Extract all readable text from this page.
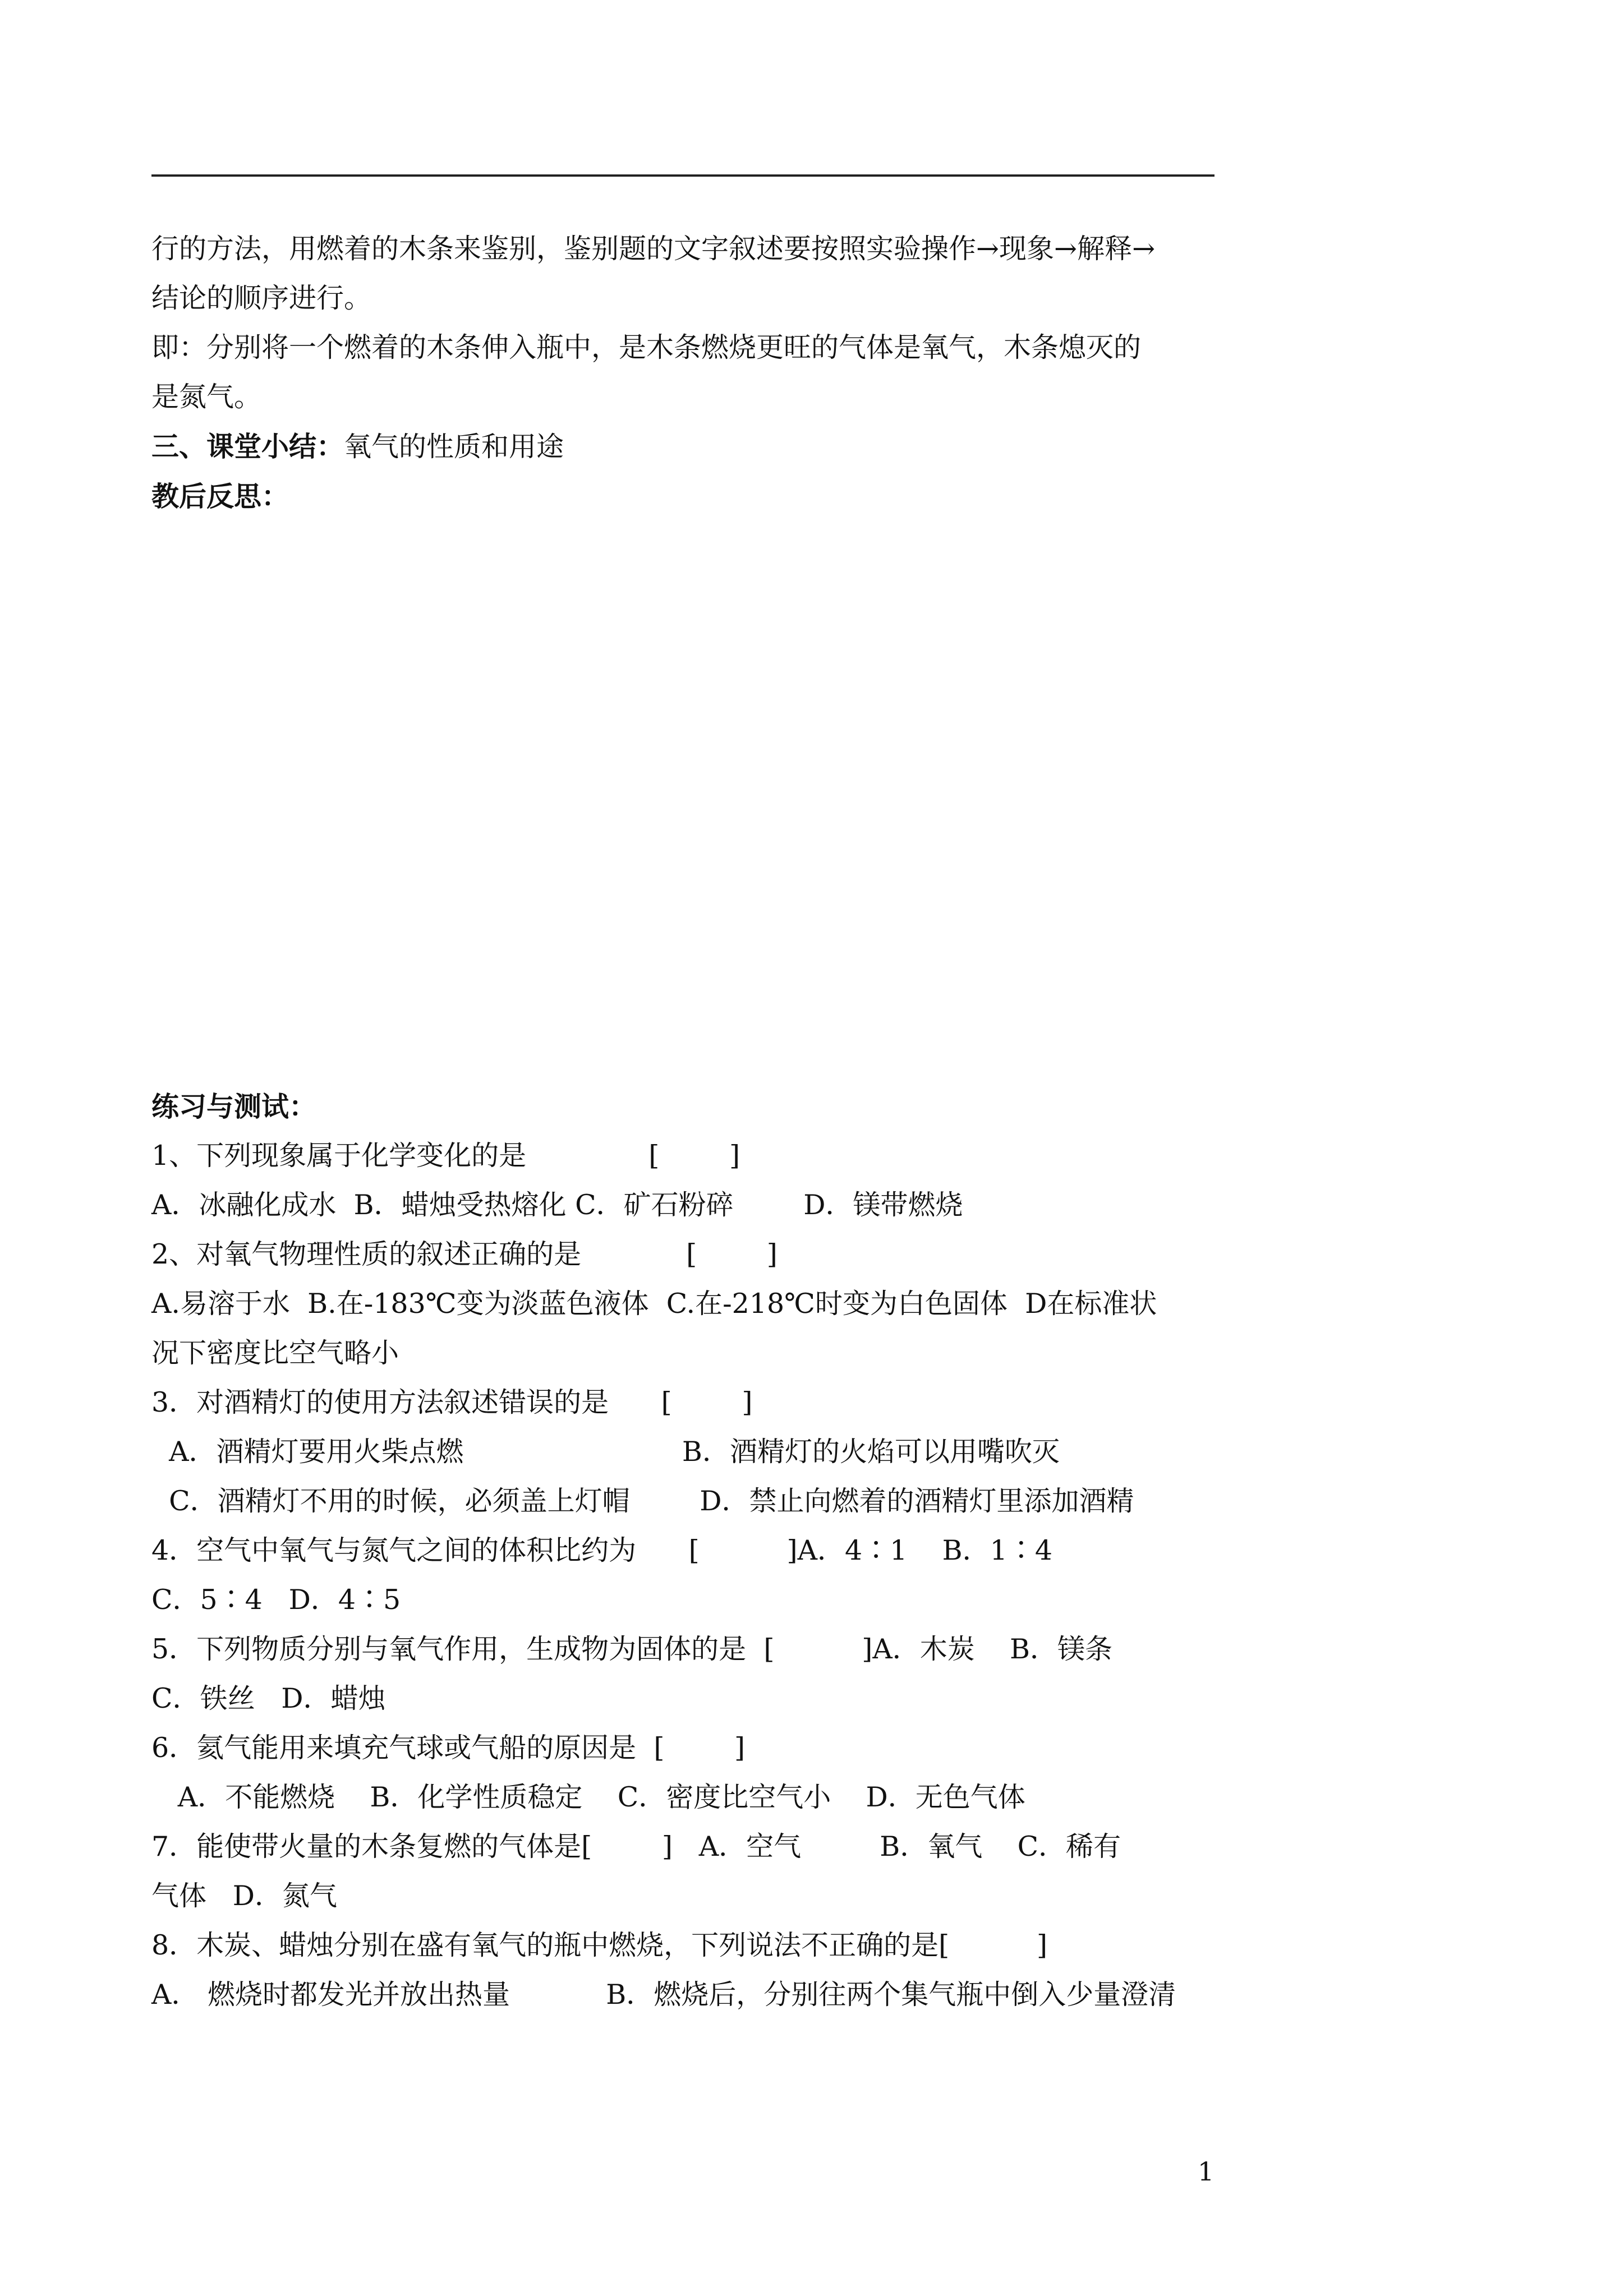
行的方法，用燃着的木条来鉴别，鉴别题的文字叙述要按照实验操作→现象→解释→
结论的顺序进行。
即：分别将一个燃着的木条伸入瓶中，是木条燃烧更旺的气体是氧气，木条熄灭的
是氮气。
三、课堂小结：氧气的性质和用途
教后反思：
练习与测试：
1、下列现象属于化学变化的是              [        ]
A．冰融化成水  B．蜡烛受热熔化 C．矿石粉碎        D．镁带燃烧
2、对氧气物理性质的叙述正确的是            [        ]
A.易溶于水  B.在-183℃变为淡蓝色液体  C.在-218℃时变为白色固体  D在标准状
况下密度比空气略小
3．对酒精灯的使用方法叙述错误的是      [        ]
A．酒精灯要用火柴点燃                         B．酒精灯的火焰可以用嘴吹灭
C．酒精灯不用的时候，必须盖上灯帽        D．禁止向燃着的酒精灯里添加酒精
4．空气中氧气与氮气之间的体积比约为      [          ]A．4∶1    B．1∶4
C．5∶4   D．4∶5
5．下列物质分别与氧气作用，生成物为固体的是  [          ]A．木炭    B．镁条
C．铁丝   D．蜡烛
6．氦气能用来填充气球或气船的原因是  [        ]
A．不能燃烧    B．化学性质稳定    C．密度比空气小    D．无色气体
7．能使带火量的木条复燃的气体是[        ]   A．空气         B．氧气    C．稀有
气体   D．氮气
8．木炭、蜡烛分别在盛有氧气的瓶中燃烧，下列说法不正确的是[          ]
A． 燃烧时都发光并放出热量           B．燃烧后，分别往两个集气瓶中倒入少量澄清
1
